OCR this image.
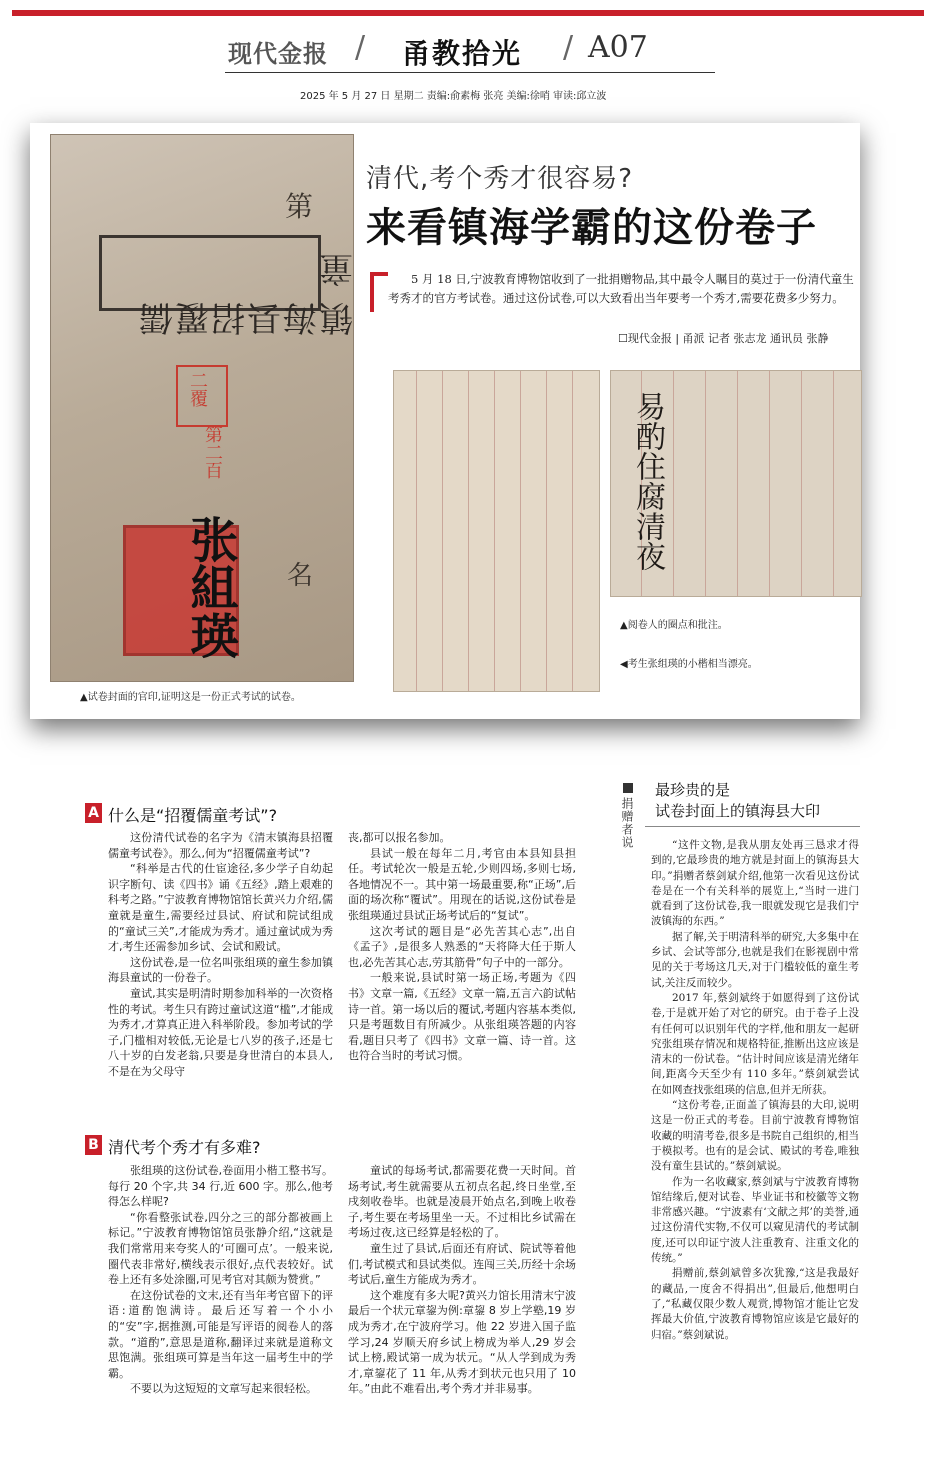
现代金报 / 甬教拾光 / A07
2025 年 5 月 27 日 星期二 责编:俞素梅 张亮 美编:徐哨 审读:邱立波
镇海县招覆儒童
第
二覆
第二百
张組瑛 名
▲试卷封面的官印,证明这是一份正式考试的试卷。
清代,考个秀才很容易?
来看镇海学霸的这份卷子
5 月 18 日,宁波教育博物馆收到了一批捐赠物品,其中最令人瞩目的莫过于一份清代童生考秀才的官方考试卷。通过这份试卷,可以大致看出当年要考一个秀才,需要花费多少努力。
☐现代金报 | 甬派 记者 张志龙 通讯员 张静
易酌住腐清夜
▲阅卷人的圈点和批注。
◀考生张组瑛的小楷相当漂亮。
A 什么是“招覆儒童考试”?

这份清代试卷的名字为《清末镇海县招覆儒童考试卷》。那么,何为“招覆儒童考试”?

“科举是古代的仕宦途径,多少学子自幼起识字断句、读《四书》诵《五经》,踏上艰难的科考之路。”宁波教育博物馆馆长黄兴力介绍,儒童就是童生,需要经过县试、府试和院试组成的“童试三关”,才能成为秀才。通过童试成为秀才,考生还需参加乡试、会试和殿试。

这份试卷,是一位名叫张组瑛的童生参加镇海县童试的一份卷子。

童试,其实是明清时期参加科举的一次资格性的考试。考生只有跨过童试这道“槛”,才能成为秀才,才算真正进入科举阶段。参加考试的学子,门槛相对较低,无论是七八岁的孩子,还是七八十岁的白发老翁,只要是身世清白的本县人,不是在为父母守

丧,都可以报名参加。

县试一般在每年二月,考官由本县知县担任。考试轮次一般是五轮,少则四场,多则七场,各地情况不一。其中第一场最重要,称“正场”,后面的场次称“覆试”。用现在的话说,这份试卷是张组瑛通过县试正场考试后的“复试”。

这次考试的题目是“必先苦其心志”,出自《孟子》,是很多人熟悉的“天将降大任于斯人也,必先苦其心志,劳其筋骨”句子中的一部分。

一般来说,县试时第一场正场,考题为《四书》文章一篇,《五经》文章一篇,五言六韵试帖诗一首。第一场以后的覆试,考题内容基本类似,只是考题数目有所减少。从张组瑛答题的内容看,题目只考了《四书》文章一篇、诗一首。这也符合当时的考试习惯。

B 清代考个秀才有多难?

张组瑛的这份试卷,卷面用小楷工整书写。每行 20 个字,共 34 行,近 600 字。那么,他考得怎么样呢?

“你看整张试卷,四分之三的部分都被画上标记。”宁波教育博物馆馆员张静介绍,“这就是我们常常用来夸奖人的‘可圈可点’。一般来说,圈代表非常好,横线表示很好,点代表较好。试卷上还有多处涂圈,可见考官对其颇为赞赏。”

在这份试卷的文末,还有当年考官留下的评语:道酌饱满诗。最后还写着一个小小的“安”字,据推测,可能是写评语的阅卷人的落款。“道酌”,意思是道称,翻译过来就是道称文思饱满。张组瑛可算是当年这一届考生中的学霸。

不要以为这短短的文章写起来很轻松。

童试的每场考试,都需要花费一天时间。首场考试,考生就需要从五初点名起,终日坐堂,至戌刻收卷毕。也就是凌晨开始点名,到晚上收卷子,考生要在考场里坐一天。不过相比乡试需在考场过夜,这已经算是轻松的了。

童生过了县试,后面还有府试、院试等着他们,考试模式和县试类似。连闯三关,历经十余场考试后,童生方能成为秀才。

这个难度有多大呢?黄兴力馆长用清末宁波最后一个状元章鋆为例:章鋆 8 岁上学塾,19 岁成为秀才,在宁波府学习。他 22 岁进入国子监学习,24 岁顺天府乡试上榜成为举人,29 岁会试上榜,殿试第一成为状元。“从人学到成为秀才,章鋆花了 11 年,从秀才到状元也只用了 10 年。”由此不难看出,考个秀才并非易事。

捐赠者说
最珍贵的是
试卷封面上的镇海县大印

“这件文物,是我从朋友处再三恳求才得到的,它最珍贵的地方就是封面上的镇海县大印。”捐赠者蔡剑斌介绍,他第一次看见这份试卷是在一个有关科举的展览上,“当时一进门就看到了这份试卷,我一眼就发现它是我们宁波镇海的东西。”

据了解,关于明清科举的研究,大多集中在乡试、会试等部分,也就是我们在影视剧中常见的关于考场这几天,对于门槛较低的童生考试,关注反而较少。

2017 年,蔡剑斌终于如愿得到了这份试卷,于是就开始了对它的研究。由于卷子上没有任何可以识别年代的字样,他和朋友一起研究张组瑛存情况和规格特征,推断出这应该是清末的一份试卷。“估计时间应该是清光绪年间,距离今天至少有 110 多年。”蔡剑斌尝试在如网查找张组瑛的信息,但并无所获。

“这份考卷,正面盖了镇海县的大印,说明这是一份正式的考卷。目前宁波教育博物馆收藏的明清考卷,很多是书院自己组织的,相当于模拟考。也有的是会试、殿试的考卷,唯独没有童生县试的。”蔡剑斌说。

作为一名收藏家,蔡剑斌与宁波教育博物馆结缘后,便对试卷、毕业证书和校徽等文物非常感兴趣。“宁波素有‘文献之邦’的美誉,通过这份清代实物,不仅可以窥见清代的考试制度,还可以印证宁波人注重教育、注重文化的传统。”

捐赠前,蔡剑斌曾多次犹豫,“这是我最好的藏品,一度舍不得捐出”,但最后,他想明白了,“私藏仅限少数人观赏,博物馆才能让它发挥最大价值,宁波教育博物馆应该是它最好的归宿。”蔡剑斌说。
